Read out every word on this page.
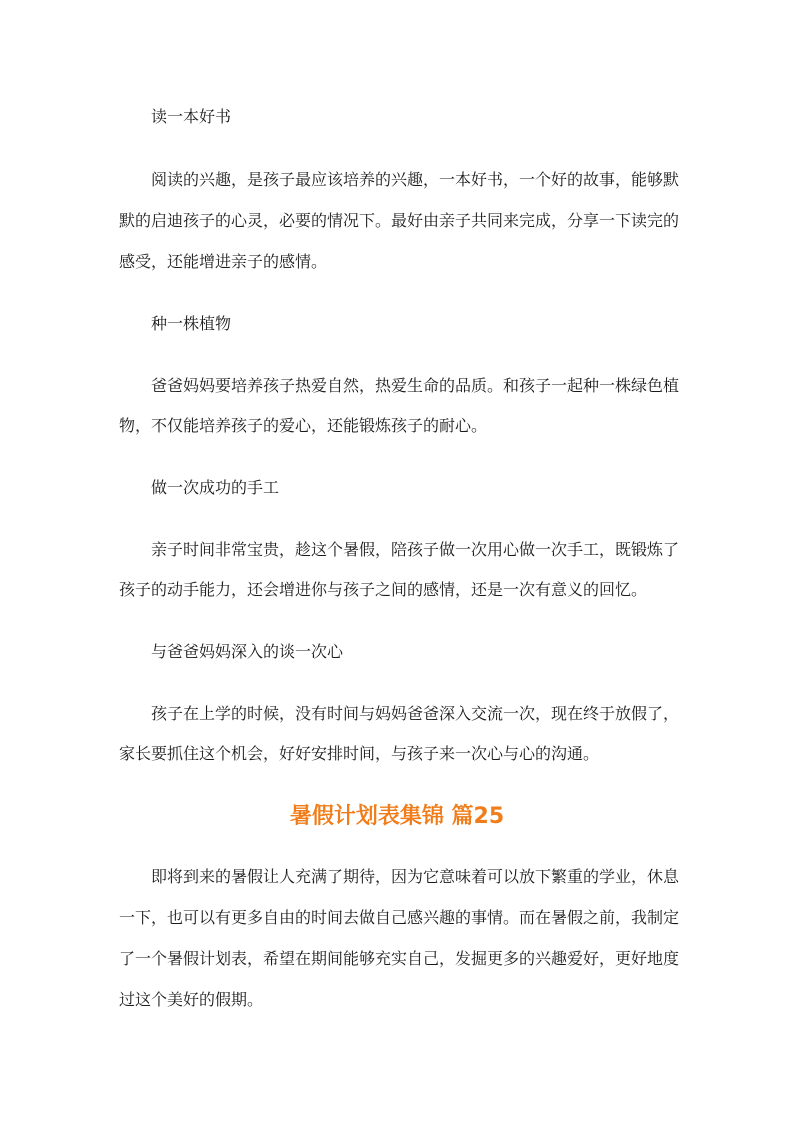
读一本好书

阅读的兴趣，是孩子最应该培养的兴趣，一本好书，一个好的故事，能够默

默的启迪孩子的心灵，必要的情况下。最好由亲子共同来完成，分享一下读完的

感受，还能增进亲子的感情。

种一株植物

爸爸妈妈要培养孩子热爱自然，热爱生命的品质。和孩子一起种一株绿色植

物，不仅能培养孩子的爱心，还能锻炼孩子的耐心。

做一次成功的手工

亲子时间非常宝贵，趁这个暑假，陪孩子做一次用心做一次手工，既锻炼了

孩子的动手能力，还会增进你与孩子之间的感情，还是一次有意义的回忆。

与爸爸妈妈深入的谈一次心

孩子在上学的时候，没有时间与妈妈爸爸深入交流一次，现在终于放假了，

家长要抓住这个机会，好好安排时间，与孩子来一次心与心的沟通。

暑假计划表集锦 篇25

即将到来的暑假让人充满了期待，因为它意味着可以放下繁重的学业，休息

一下，也可以有更多自由的时间去做自己感兴趣的事情。而在暑假之前，我制定

了一个暑假计划表，希望在期间能够充实自己，发掘更多的兴趣爱好，更好地度

过这个美好的假期。
